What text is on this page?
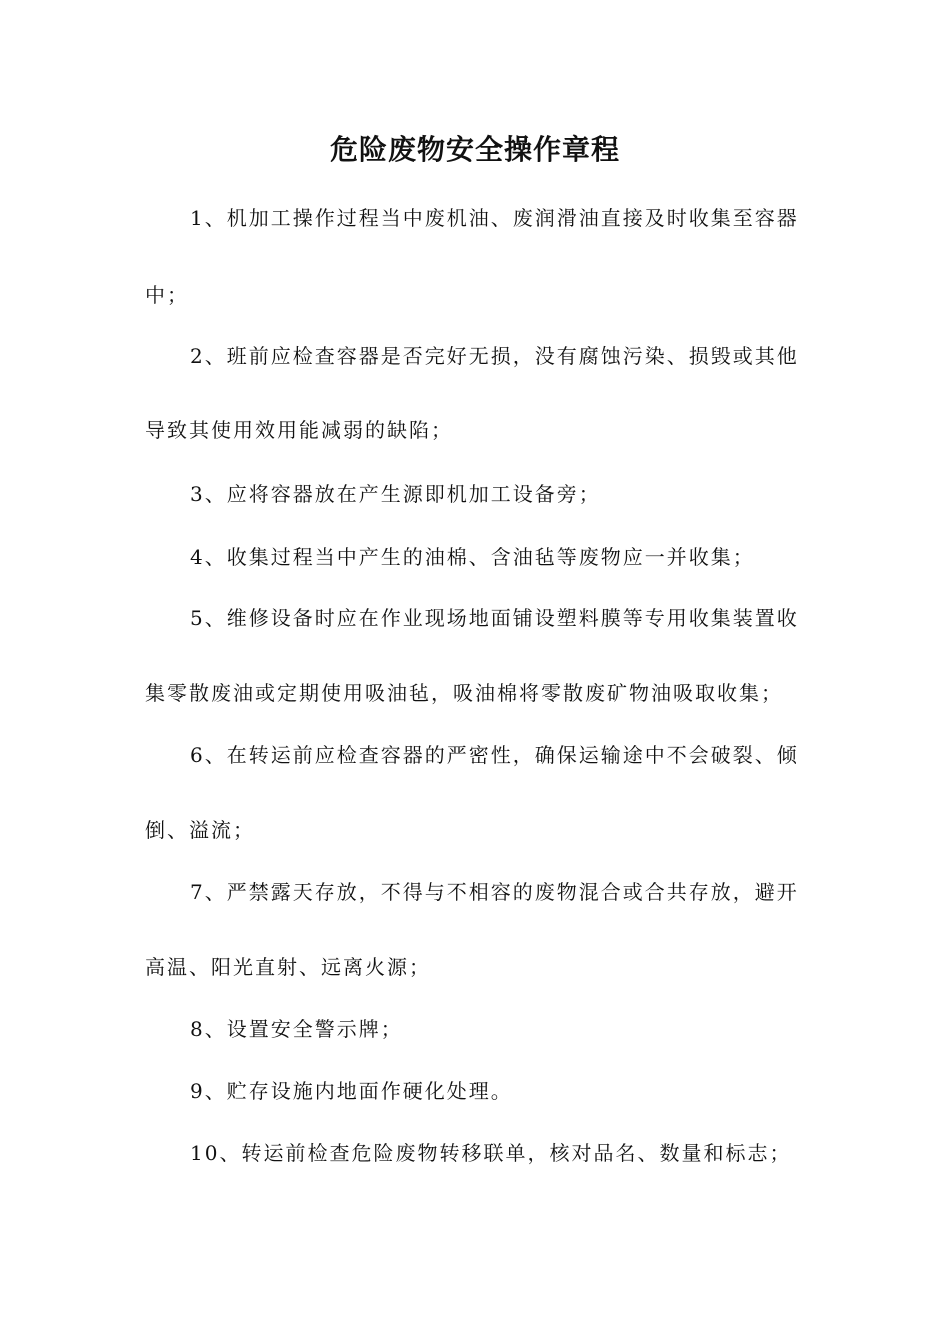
危险废物安全操作章程
1、机加工操作过程当中废机油、废润滑油直接及时收集至容器
中；
2、班前应检查容器是否完好无损，没有腐蚀污染、损毁或其他
导致其使用效用能减弱的缺陷；
3、应将容器放在产生源即机加工设备旁；
4、收集过程当中产生的油棉、含油毡等废物应一并收集；
5、维修设备时应在作业现场地面铺设塑料膜等专用收集装置收
集零散废油或定期使用吸油毡，吸油棉将零散废矿物油吸取收集；
6、在转运前应检查容器的严密性，确保运输途中不会破裂、倾
倒、溢流；
7、严禁露天存放，不得与不相容的废物混合或合共存放，避开
高温、阳光直射、远离火源；
8、设置安全警示牌；
9、贮存设施内地面作硬化处理。
10、转运前检查危险废物转移联单，核对品名、数量和标志；
